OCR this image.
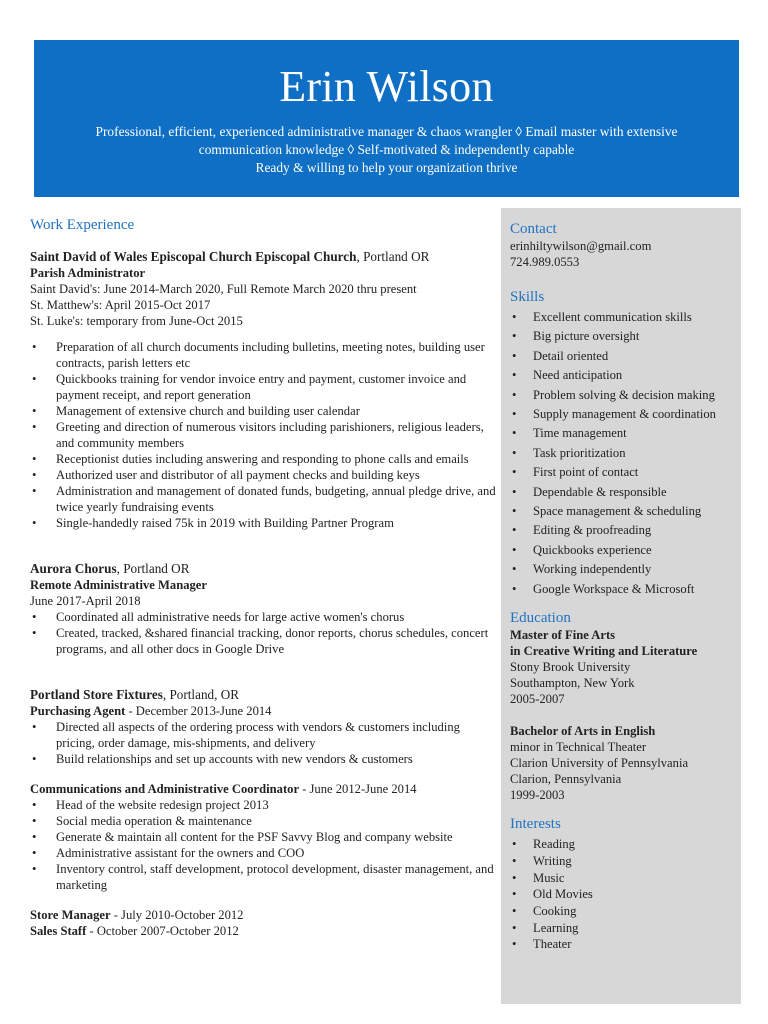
Erin Wilson
Professional, efficient, experienced administrative manager & chaos wrangler ◊ Email master with extensive
communication knowledge ◊ Self-motivated & independently capable
Ready & willing to help your organization thrive
Work Experience
Saint David of Wales Episcopal Church Episcopal Church, Portland OR
Parish Administrator
Saint David's: June 2014-March 2020, Full Remote March 2020 thru present
St. Matthew's: April 2015-Oct 2017
St. Luke's: temporary from June-Oct 2015
• Preparation of all church documents including bulletins, meeting notes, building user contracts, parish letters etc
• Quickbooks training for vendor invoice entry and payment, customer invoice and payment receipt, and report generation
• Management of extensive church and building user calendar
• Greeting and direction of numerous visitors including parishioners, religious leaders, and community members
• Receptionist duties including answering and responding to phone calls and emails
• Authorized user and distributor of all payment checks and building keys
• Administration and management of donated funds, budgeting, annual pledge drive, and twice yearly fundraising events
• Single-handedly raised 75k in 2019 with Building Partner Program
Aurora Chorus, Portland OR
Remote Administrative Manager
June 2017-April 2018
• Coordinated all administrative needs for large active women's chorus
• Created, tracked, &shared financial tracking, donor reports, chorus schedules, concert programs, and all other docs in Google Drive
Portland Store Fixtures, Portland, OR
Purchasing Agent - December 2013-June 2014
• Directed all aspects of the ordering process with vendors & customers including pricing, order damage, mis-shipments, and delivery
• Build relationships and set up accounts with new vendors & customers
Communications and Administrative Coordinator - June 2012-June 2014
• Head of the website redesign project 2013
• Social media operation & maintenance
• Generate & maintain all content for the PSF Savvy Blog and company website
• Administrative assistant for the owners and COO
• Inventory control, staff development, protocol development, disaster management, and marketing
Store Manager - July 2010-October 2012
Sales Staff - October 2007-October 2012
Contact
erinhiltywilson@gmail.com
724.989.0553
Skills
• Excellent communication skills
• Big picture oversight
• Detail oriented
• Need anticipation
• Problem solving & decision making
• Supply management & coordination
• Time management
• Task prioritization
• First point of contact
• Dependable & responsible
• Space management & scheduling
• Editing & proofreading
• Quickbooks experience
• Working independently
• Google Workspace & Microsoft
Education
Master of Fine Arts
in Creative Writing and Literature
Stony Brook University
Southampton, New York
2005-2007
Bachelor of Arts in English
minor in Technical Theater
Clarion University of Pennsylvania
Clarion, Pennsylvania
1999-2003
Interests
• Reading
• Writing
• Music
• Old Movies
• Cooking
• Learning
• Theater
